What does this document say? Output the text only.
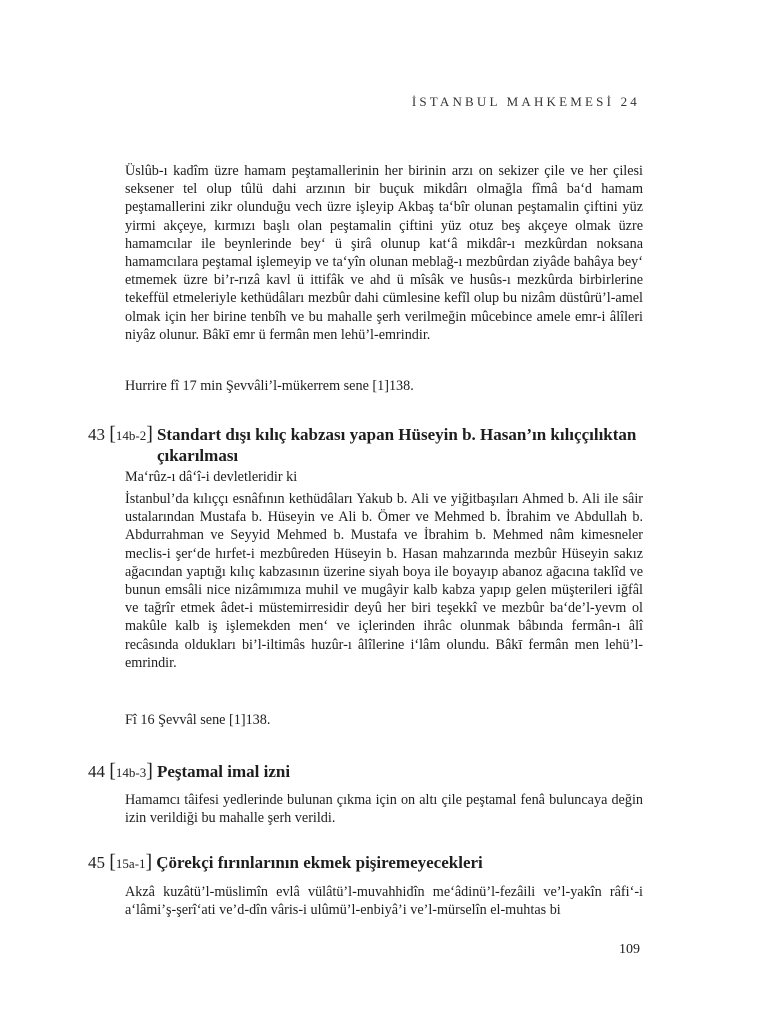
İSTANBUL MAHKEMESİ 24

Üslûb-ı kadîm üzre hamam peştamallerinin her birinin arzı on sekizer çile ve her çilesi seksener tel olup tûlü dahi arzının bir buçuk mikdârı olmağla fîmâ ba‘d hamam peştamallerini zikr olunduğu vech üzre işleyip Akbaş ta‘bîr olunan peştamalin çiftini yüz yirmi akçeye, kırmızı başlı olan peştamalin çiftini yüz otuz beş akçeye olmak üzre hamamcılar ile beynlerinde bey‘ ü şirâ olunup kat‘â mikdâr-ı mezkûrdan noksana hamamcılara peştamal işlemeyip ve ta‘yîn olunan meblağ-ı mezbûrdan ziyâde bahâya bey‘ etmemek üzre bi’r-rızâ kavl ü ittifâk ve ahd ü mîsâk ve husûs-ı mezkûrda birbirlerine tekeffül etmeleriyle kethüdâları mezbûr dahi cümlesine kefîl olup bu nizâm düstûrü’l-amel olmak için her birine tenbîh ve bu mahalle şerh verilmeğin mûcebince amele emr-i âlîleri niyâz olunur. Bâkī emr ü fermân men lehü’l-emrindir.

Hurrire fî 17 min Şevvâli’l-mükerrem sene [1]138.

43 [14b-2] Standart dışı kılıç kabzası yapan Hüseyin b. Hasan’ın kılıççılıktan çıkarılması

Ma‘rûz-ı dâ‘î-i devletleridir ki

İstanbul’da kılıççı esnâfının kethüdâları Yakub b. Ali ve yiğitbaşıları Ahmed b. Ali ile sâir ustalarından Mustafa b. Hüseyin ve Ali b. Ömer ve Mehmed b. İbrahim ve Abdullah b. Abdurrahman ve Seyyid Mehmed b. Mustafa ve İbrahim b. Mehmed nâm kimesneler meclis-i şer‘de hırfet-i mezbûreden Hüseyin b. Hasan mahzarında mezbûr Hüseyin sakız ağacından yaptığı kılıç kabzasının üzerine siyah boya ile boyayıp abanoz ağacına taklîd ve bunun emsâli nice nizâmımıza muhil ve mugâyir kalb kabza yapıp gelen müşterileri iğfâl ve tağrîr etmek âdet-i müstemirresidir deyû her biri teşekkî ve mezbûr ba‘de’l-yevm ol makûle kalb iş işlemekden men‘ ve içlerinden ihrâc olunmak bâbında fermân-ı âlî recâsında oldukları bi’l-iltimâs huzûr-ı âlîlerine i‘lâm olundu. Bâkī fermân men lehü’l-emrindir.

Fî 16 Şevvâl sene [1]138.

44 [14b-3] Peştamal imal izni

Hamamcı tâifesi yedlerinde bulunan çıkma için on altı çile peştamal fenâ buluncaya değin izin verildiği bu mahalle şerh verildi.

45 [15a-1] Çörekçi fırınlarının ekmek pişiremeyecekleri

Akzâ kuzâtü’l-müslimîn evlâ vülâtü’l-muvahhidîn me‘âdinü’l-fezâili ve’l-yakîn râfi‘-i a‘lâmi’ş-şerî‘ati ve’d-dîn vâris-i ulûmü’l-enbiyâ’i ve’l-mürselîn el-muhtas bi

109
